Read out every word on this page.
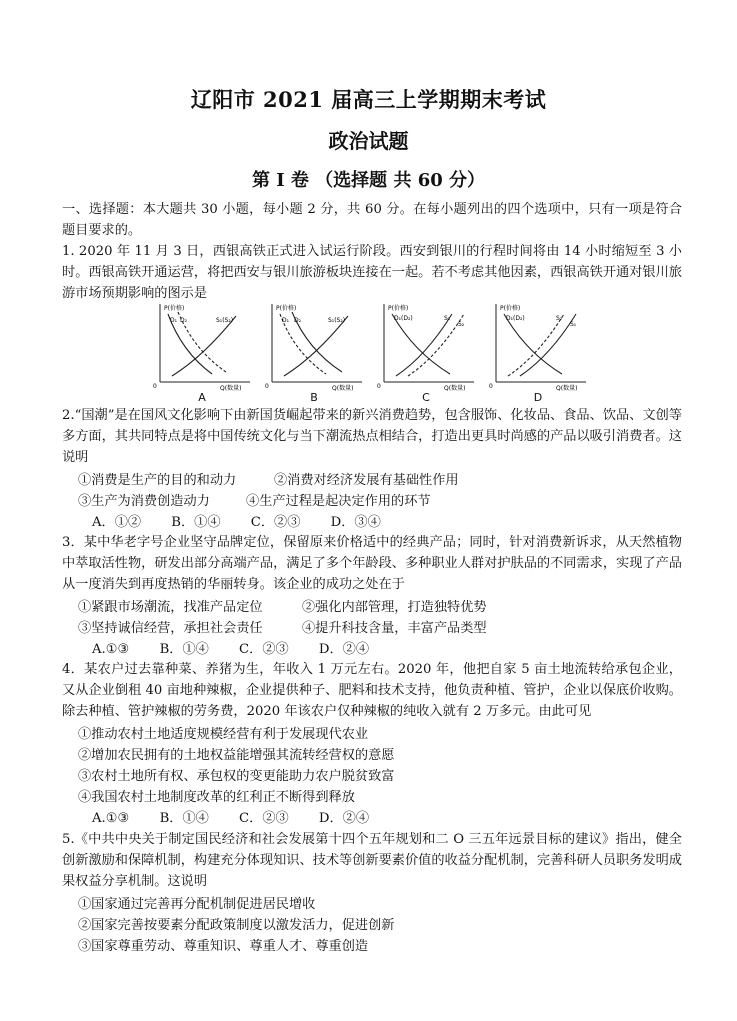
辽阳市 2021 届高三上学期期末考试
政治试题
第 I 卷 （选择题 共 60 分）
一、选择题：本大题共 30 小题，每小题 2 分，共 60 分。在每小题列出的四个选项中，只有一项是符合题目要求的。
1. 2020 年 11 月 3 日，西银高铁正式进入试运行阶段。西安到银川的行程时间将由 14 小时缩短至 3 小时。西银高铁开通运营，将把西安与银川旅游板块连接在一起。若不考虑其他因素，西银高铁开通对银川旅游市场预期影响的图示是
P(价格)
D₁ D₂	S₁(S₂)
Q(数量)
0
A
P(价格)
D₁ D₂	S₁(S₂)
Q(数量)
0
B
P(价格)
D₁(D₂)	S₁
S₂
Q(数量)
0
C
P(价格)
D₁(D₂)	S₂
S₁
Q(数量)
0
D
2.“国潮”是在国风文化影响下由新国货崛起带来的新兴消费趋势，包含服饰、化妆品、食品、饮品、文创等多方面，其共同特点是将中国传统文化与当下潮流热点相结合，打造出更具时尚感的产品以吸引消费者。这说明
①消费是生产的目的和动力	②消费对经济发展有基础性作用
③生产为消费创造动力	④生产过程是起决定作用的环节
A．①② B．①④ C．②③ D．③④
3．某中华老字号企业坚守品牌定位，保留原来价格适中的经典产品；同时，针对消费新诉求，从天然植物中萃取活性物，研发出部分高端产品，满足了多个年龄段、多种职业人群对护肤品的不同需求，实现了产品从一度消失到再度热销的华丽转身。该企业的成功之处在于
①紧跟市场潮流，找准产品定位	②强化内部管理，打造独特优势
③坚持诚信经营，承担社会责任	④提升科技含量，丰富产品类型
A.①③ B．①④ C．②③ D．②④
4．某农户过去靠种菜、养猪为生，年收入 1 万元左右。2020 年，他把自家 5 亩土地流转给承包企业，又从企业倒租 40 亩地种辣椒，企业提供种子、肥料和技术支持，他负责种植、管护，企业以保底价收购。除去种植、管护辣椒的劳务费，2020 年该农户仅种辣椒的纯收入就有 2 万多元。由此可见
①推动农村土地适度规模经营有利于发展现代农业
②增加农民拥有的土地权益能增强其流转经营权的意愿
③农村土地所有权、承包权的变更能助力农户脱贫致富
④我国农村土地制度改革的红利正不断得到释放
A.①③ B．①④ C．②③ D．②④
5.《中共中央关于制定国民经济和社会发展第十四个五年规划和二 O 三五年远景目标的建议》指出，健全创新激励和保障机制，构建充分体现知识、技术等创新要素价值的收益分配机制，完善科研人员职务发明成果权益分享机制。这说明
①国家通过完善再分配机制促进居民增收
②国家完善按要素分配政策制度以激发活力，促进创新
③国家尊重劳动、尊重知识、尊重人才、尊重创造
